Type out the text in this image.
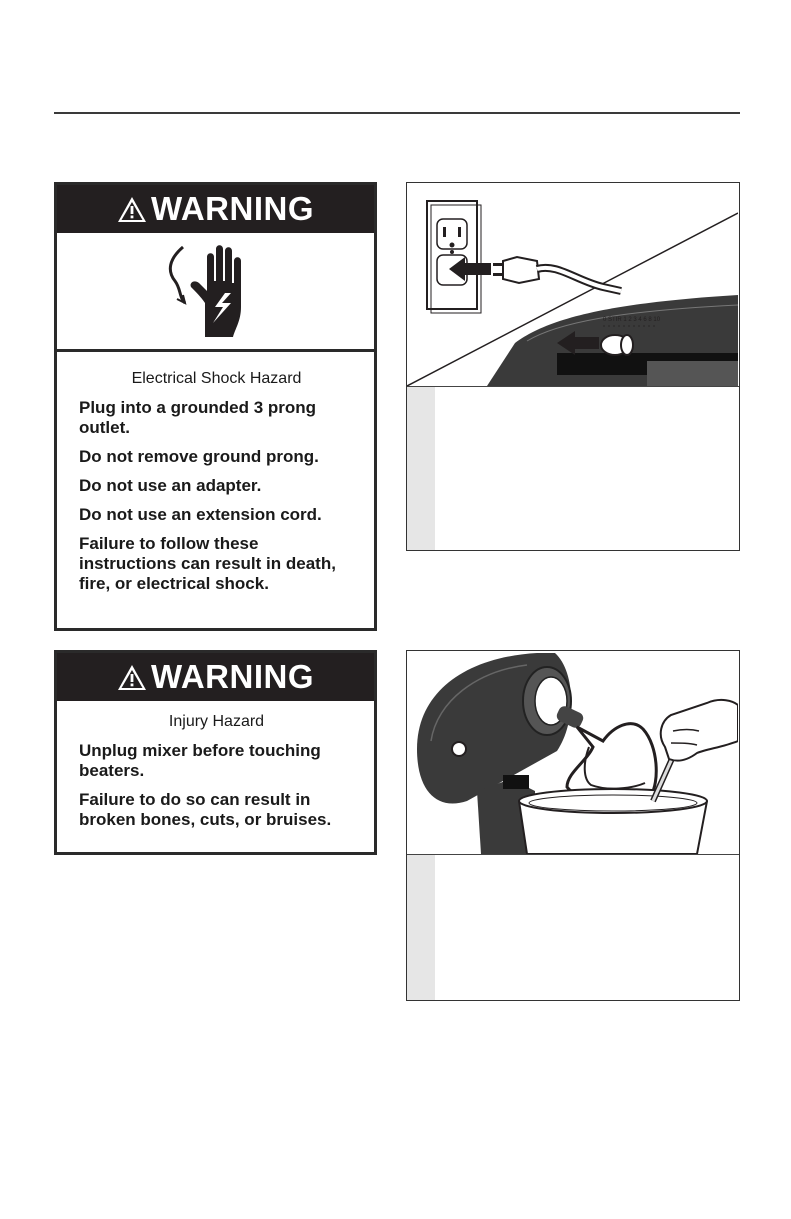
WARNING

Electrical Shock Hazard

Plug into a grounded 3 prong outlet.

Do not remove ground prong.

Do not use an adapter.

Do not use an extension cord.

Failure to follow these instructions can result in death, fire, or electrical shock.

WARNING

Injury Hazard

Unplug mixer before touching beaters.

Failure to do so can result in broken bones, cuts, or bruises.

0 STIR 1 2 3 4 6 8 10
